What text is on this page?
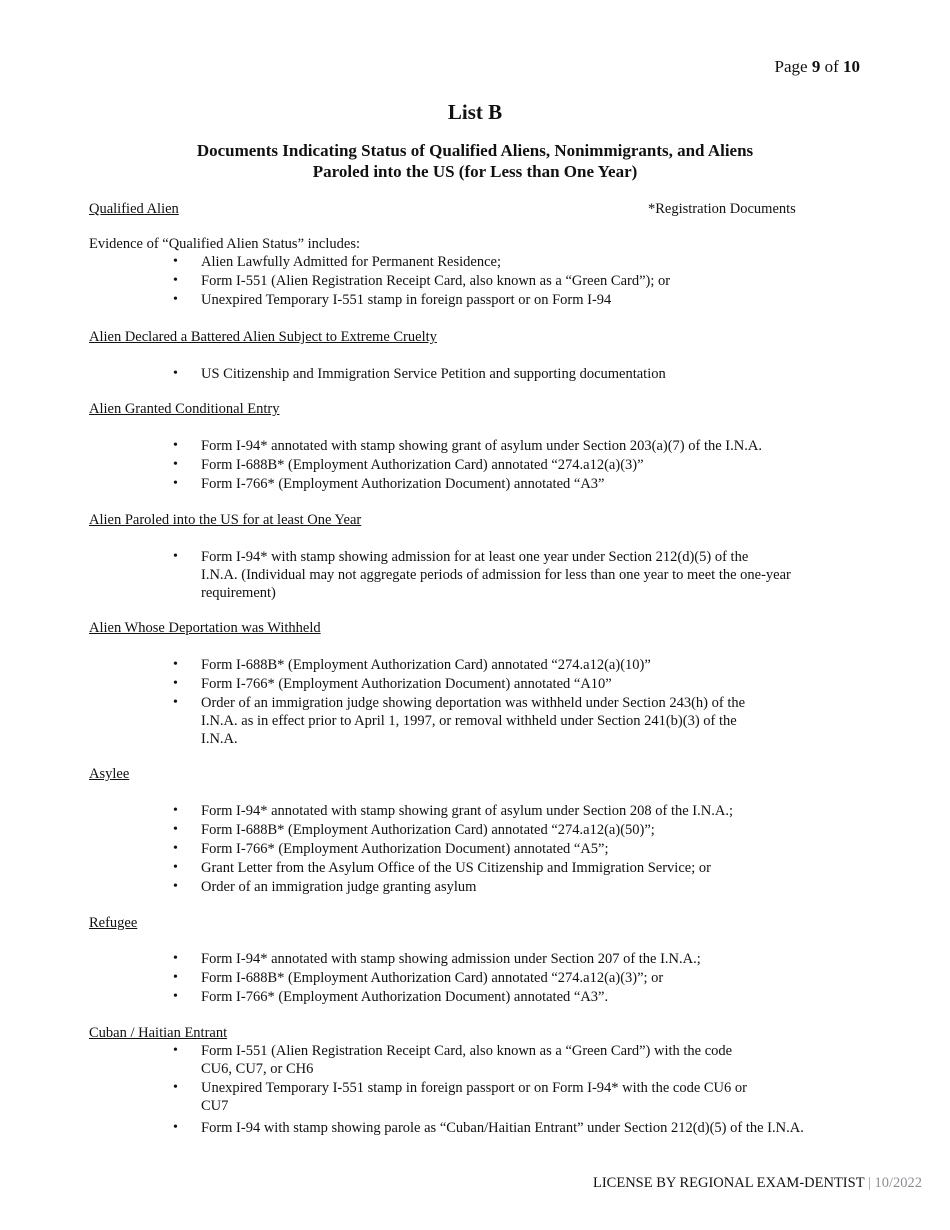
Page 9 of 10
List B
Documents Indicating Status of Qualified Aliens, Nonimmigrants, and Aliens
Paroled into the US (for Less than One Year)
Qualified Alien	*Registration Documents
Evidence of “Qualified Alien Status” includes:
• Alien Lawfully Admitted for Permanent Residence;
• Form I-551 (Alien Registration Receipt Card, also known as a “Green Card”); or
• Unexpired Temporary I-551 stamp in foreign passport or on Form I-94
Alien Declared a Battered Alien Subject to Extreme Cruelty
• US Citizenship and Immigration Service Petition and supporting documentation
Alien Granted Conditional Entry
• Form I-94* annotated with stamp showing grant of asylum under Section 203(a)(7) of the I.N.A.
• Form I-688B* (Employment Authorization Card) annotated “274.a12(a)(3)”
• Form I-766* (Employment Authorization Document) annotated “A3”
Alien Paroled into the US for at least One Year
• Form I-94* with stamp showing admission for at least one year under Section 212(d)(5) of the
I.N.A. (Individual may not aggregate periods of admission for less than one year to meet the one-year
requirement)
Alien Whose Deportation was Withheld
• Form I-688B* (Employment Authorization Card) annotated “274.a12(a)(10)”
• Form I-766* (Employment Authorization Document) annotated “A10”
• Order of an immigration judge showing deportation was withheld under Section 243(h) of the
I.N.A. as in effect prior to April 1, 1997, or removal withheld under Section 241(b)(3) of the
I.N.A.
Asylee
• Form I-94* annotated with stamp showing grant of asylum under Section 208 of the I.N.A.;
• Form I-688B* (Employment Authorization Card) annotated “274.a12(a)(50)”;
• Form I-766* (Employment Authorization Document) annotated “A5”;
• Grant Letter from the Asylum Office of the US Citizenship and Immigration Service; or
• Order of an immigration judge granting asylum
Refugee
• Form I-94* annotated with stamp showing admission under Section 207 of the I.N.A.;
• Form I-688B* (Employment Authorization Card) annotated “274.a12(a)(3)”; or
• Form I-766* (Employment Authorization Document) annotated “A3”.
Cuban / Haitian Entrant
• Form I-551 (Alien Registration Receipt Card, also known as a “Green Card”) with the code
CU6, CU7, or CH6
• Unexpired Temporary I-551 stamp in foreign passport or on Form I-94* with the code CU6 or
CU7
• Form I-94 with stamp showing parole as “Cuban/Haitian Entrant” under Section 212(d)(5) of the I.N.A.
LICENSE BY REGIONAL EXAM-DENTIST | 10/2022
